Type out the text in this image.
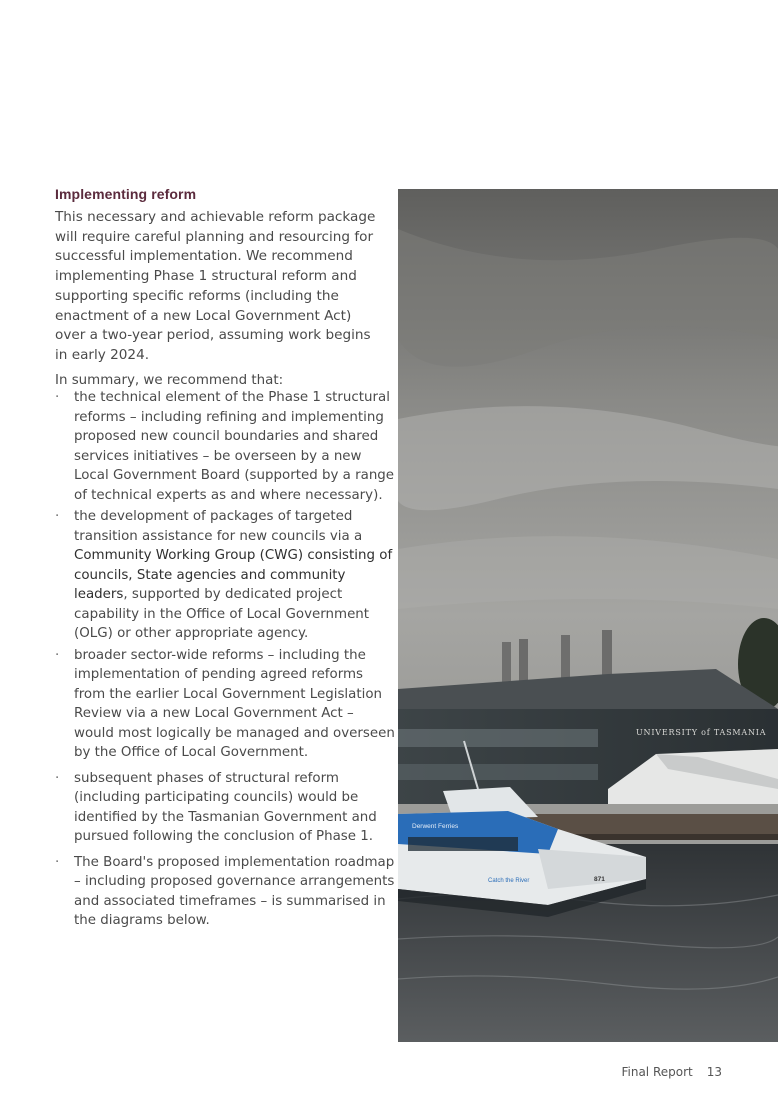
Implementing reform

This necessary and achievable reform package will require careful planning and resourcing for successful implementation. We recommend implementing Phase 1 structural reform and supporting specific reforms (including the enactment of a new Local Government Act) over a two-year period, assuming work begins in early 2024.

In summary, we recommend that:

· the technical element of the Phase 1 structural reforms – including refining and implementing proposed new council boundaries and shared services initiatives – be overseen by a new Local Government Board (supported by a range of technical experts as and where necessary).
· the development of packages of targeted transition assistance for new councils via a Community Working Group (CWG) consisting of councils, State agencies and community leaders, supported by dedicated project capability in the Office of Local Government (OLG) or other appropriate agency.
· broader sector-wide reforms – including the implementation of pending agreed reforms from the earlier Local Government Legislation Review via a new Local Government Act – would most logically be managed and overseen by the Office of Local Government.
· subsequent phases of structural reform (including participating councils) would be identified by the Tasmanian Government and pursued following the conclusion of Phase 1.
· The Board's proposed implementation roadmap – including proposed governance arrangements and associated timeframes – is summarised in the diagrams below.
UNIVERSITY of TASMANIA
Derwent Ferries
Catch the River	871
Final Report 13
